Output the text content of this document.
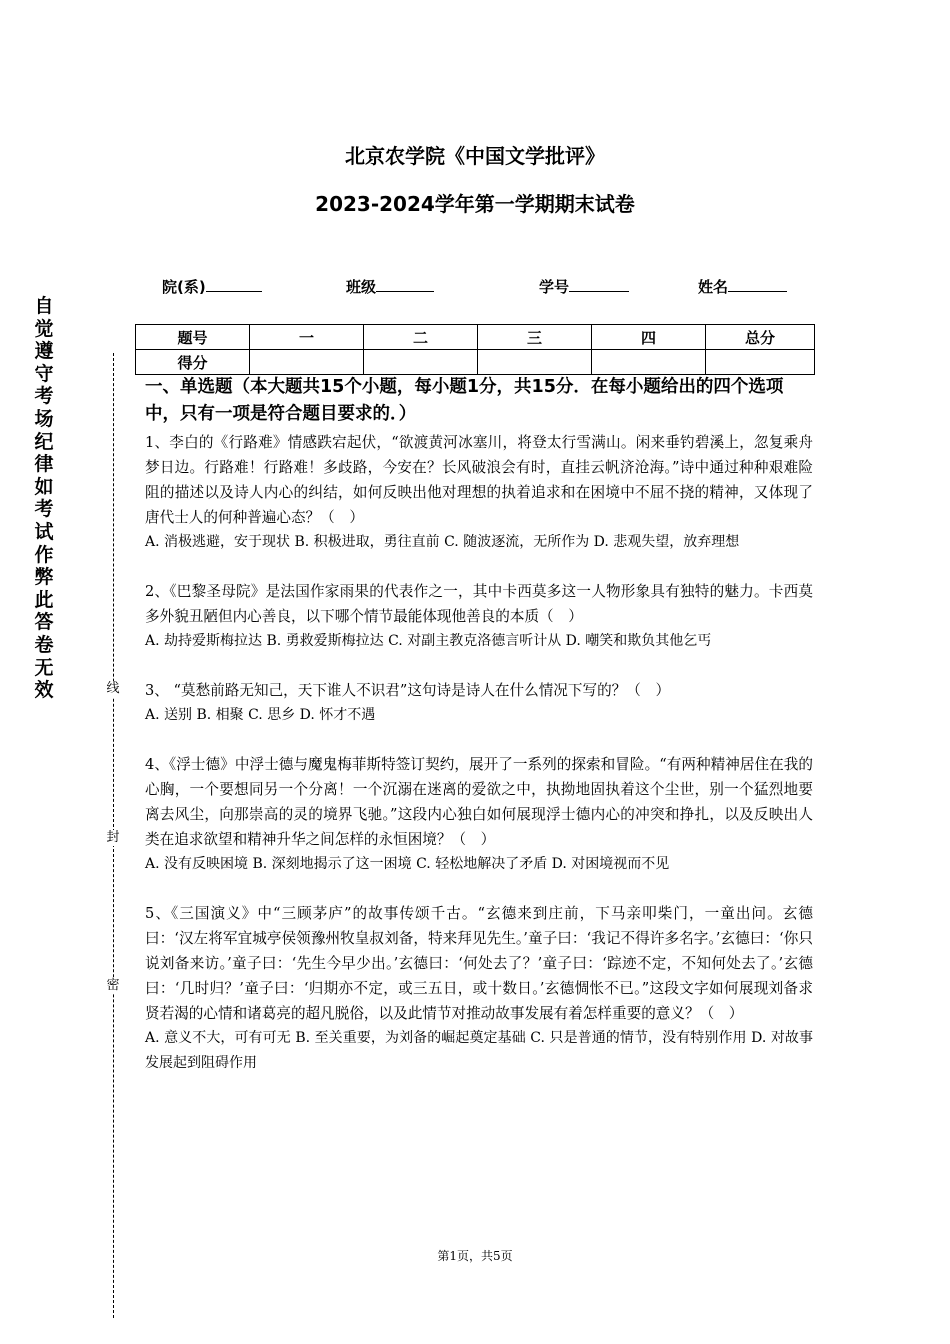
北京农学院《中国文学批评》
2023-2024学年第一学期期末试卷
院(系)	班级	学号	姓名
题号	一	二	三	四	总分
得分					
自觉遵守考场纪律如考试作弊此答卷无效	线
封
密

一、单选题（本大题共15个小题，每小题1分，共15分．在每小题给出的四个选项中，只有一项是符合题目要求的．）

1、李白的《行路难》情感跌宕起伏，“欲渡黄河冰塞川，将登太行雪满山。闲来垂钓碧溪上，忽复乘舟梦日边。行路难！行路难！多歧路，今安在？长风破浪会有时，直挂云帆济沧海。”诗中通过种种艰难险阻的描述以及诗人内心的纠结，如何反映出他对理想的执着追求和在困境中不屈不挠的精神，又体现了唐代士人的何种普遍心态？（　）

A. 消极逃避，安于现状 B. 积极进取，勇往直前 C. 随波逐流，无所作为 D. 悲观失望，放弃理想

2、《巴黎圣母院》是法国作家雨果的代表作之一，其中卡西莫多这一人物形象具有独特的魅力。卡西莫多外貌丑陋但内心善良，以下哪个情节最能体现他善良的本质（　）

A. 劫持爱斯梅拉达 B. 勇救爱斯梅拉达 C. 对副主教克洛德言听计从 D. 嘲笑和欺负其他乞丐

3、 “莫愁前路无知己，天下谁人不识君”这句诗是诗人在什么情况下写的？（　）

A. 送别 B. 相聚 C. 思乡 D. 怀才不遇

4、《浮士德》中浮士德与魔鬼梅菲斯特签订契约，展开了一系列的探索和冒险。“有两种精神居住在我的心胸，一个要想同另一个分离！一个沉溺在迷离的爱欲之中，执拗地固执着这个尘世，别一个猛烈地要离去风尘，向那崇高的灵的境界飞驰。”这段内心独白如何展现浮士德内心的冲突和挣扎，以及反映出人类在追求欲望和精神升华之间怎样的永恒困境？（　）

A. 没有反映困境 B. 深刻地揭示了这一困境 C. 轻松地解决了矛盾 D. 对困境视而不见

5、《三国演义》中“三顾茅庐”的故事传颂千古。“玄德来到庄前，下马亲叩柴门，一童出问。玄德曰：‘汉左将军宜城亭侯领豫州牧皇叔刘备，特来拜见先生。’童子曰：‘我记不得许多名字。’玄德曰：‘你只说刘备来访。’童子曰：‘先生今早少出。’玄德曰：‘何处去了？’童子曰：‘踪迹不定，不知何处去了。’玄德曰：‘几时归？’童子曰：‘归期亦不定，或三五日，或十数日。’玄德惆怅不已。”这段文字如何展现刘备求贤若渴的心情和诸葛亮的超凡脱俗，以及此情节对推动故事发展有着怎样重要的意义？（　）

A. 意义不大，可有可无 B. 至关重要，为刘备的崛起奠定基础 C. 只是普通的情节，没有特别作用 D. 对故事发展起到阻碍作用

第1页，共5页
